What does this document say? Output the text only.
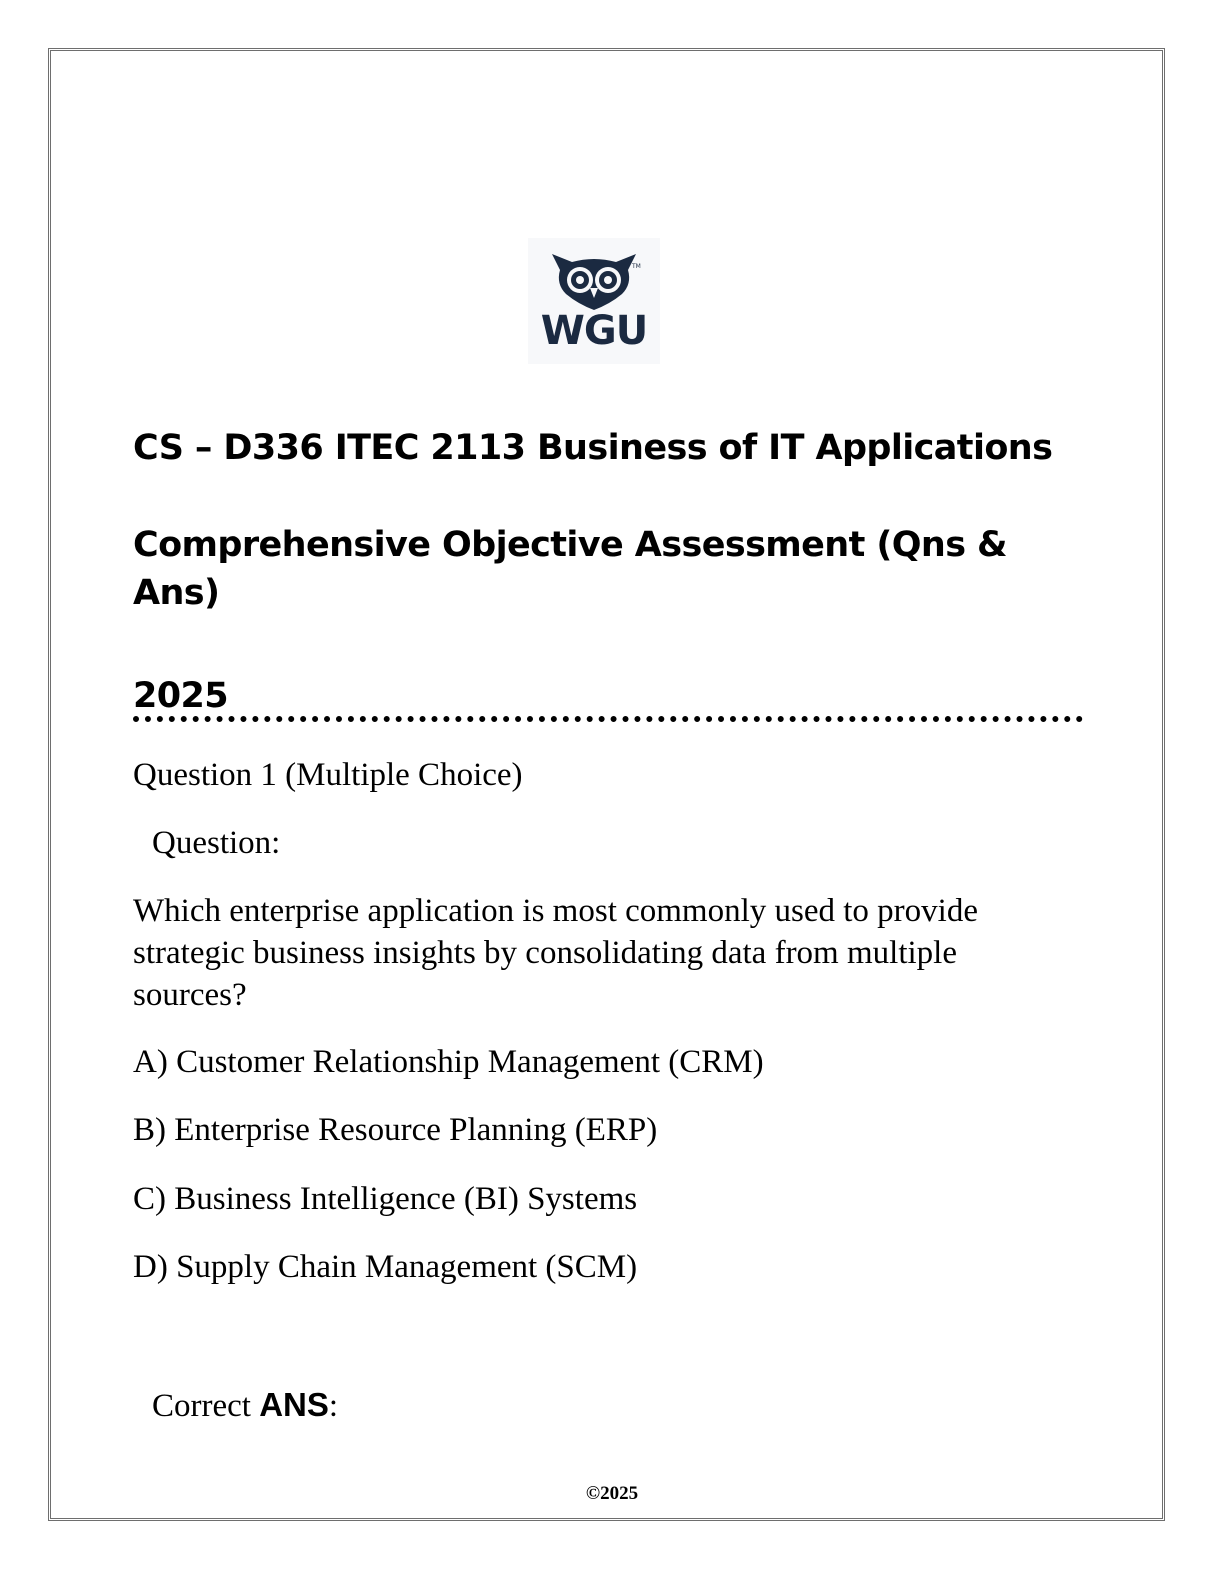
TM
WGU
CS – D336 ITEC 2113 Business of IT Applications
Comprehensive Objective Assessment (Qns & Ans)
2025

Question 1 (Multiple Choice)

Question:

Which enterprise application is most commonly used to provide strategic business insights by consolidating data from multiple sources?

A) Customer Relationship Management (CRM)

B) Enterprise Resource Planning (ERP)

C) Business Intelligence (BI) Systems

D) Supply Chain Management (SCM)

Correct ANS:

©2025
